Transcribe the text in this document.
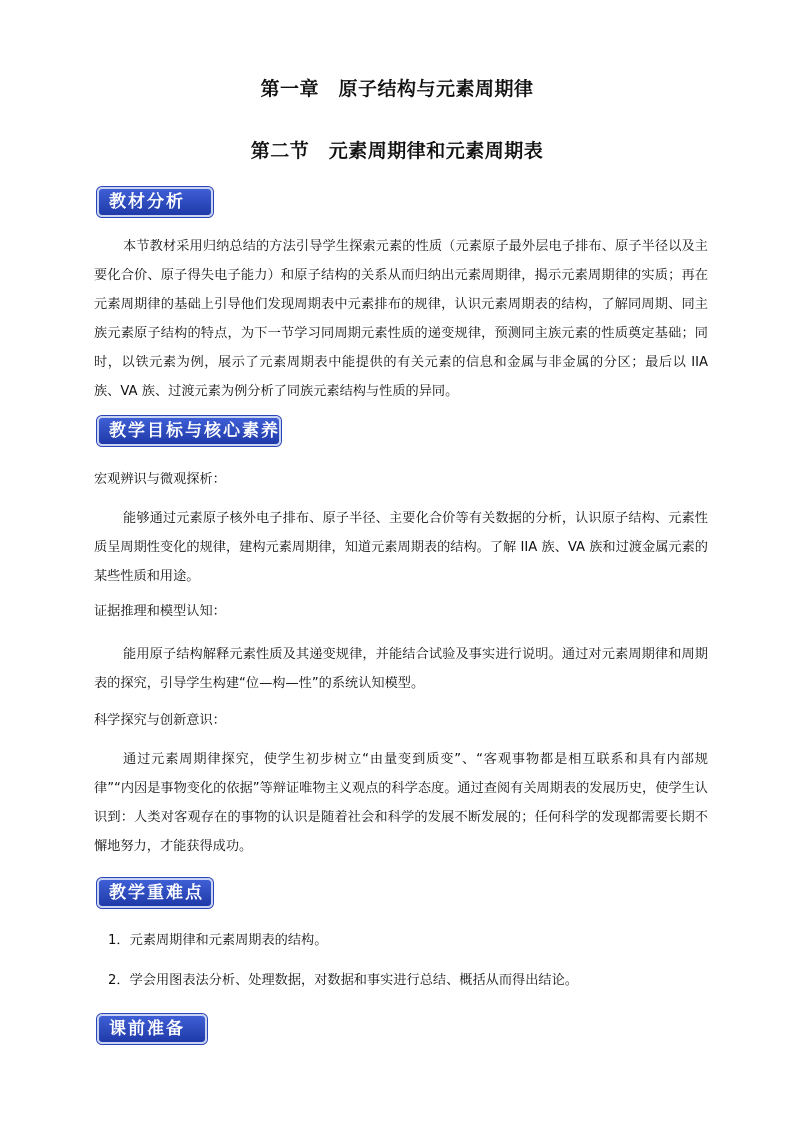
第一章　原子结构与元素周期律
第二节　元素周期律和元素周期表
教材分析
本节教材采用归纳总结的方法引导学生探索元素的性质（元素原子最外层电子排布、原子半径以及主要化合价、原子得失电子能力）和原子结构的关系从而归纳出元素周期律，揭示元素周期律的实质；再在元素周期律的基础上引导他们发现周期表中元素排布的规律，认识元素周期表的结构，了解同周期、同主族元素原子结构的特点，为下一节学习同周期元素性质的递变规律，预测同主族元素的性质奠定基础；同时，以铁元素为例，展示了元素周期表中能提供的有关元素的信息和金属与非金属的分区；最后以 IIA 族、VA 族、过渡元素为例分析了同族元素结构与性质的异同。
教学目标与核心素养
宏观辨识与微观探析：
能够通过元素原子核外电子排布、原子半径、主要化合价等有关数据的分析，认识原子结构、元素性质呈周期性变化的规律，建构元素周期律，知道元素周期表的结构。了解 IIA 族、VA 族和过渡金属元素的某些性质和用途。
证据推理和模型认知：
能用原子结构解释元素性质及其递变规律，并能结合试验及事实进行说明。通过对元素周期律和周期表的探究，引导学生构建“位—构—性”的系统认知模型。
科学探究与创新意识：
通过元素周期律探究，使学生初步树立“由量变到质变”、“客观事物都是相互联系和具有内部规律”“内因是事物变化的依据”等辩证唯物主义观点的科学态度。通过查阅有关周期表的发展历史，使学生认识到：人类对客观存在的事物的认识是随着社会和科学的发展不断发展的；任何科学的发现都需要长期不懈地努力，才能获得成功。
教学重难点
1．元素周期律和元素周期表的结构。
2．学会用图表法分析、处理数据，对数据和事实进行总结、概括从而得出结论。
课前准备
